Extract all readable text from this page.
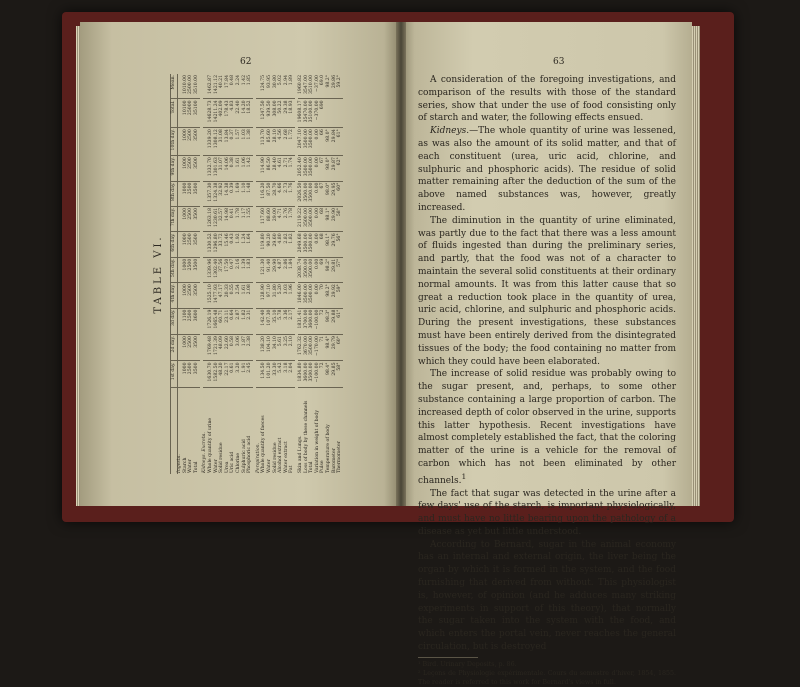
62
TABLE VI.
	1st day.	2d day.	3d day.	4th day.	5th day.	6th day.	7th day.	8th day.	9th day.	10th day.	Total.	Mean.
Ingesta.												
Starch	1000	1000	1100	1000	1000	1000	1000	1000	1000	1000	10100	1010.00
Water	2500	2500	2500	2500	2500	2500	2500	2500	2500	2500	25000	2500.00
Total	3500	3500	3600	3500	3500	3500	3500	3500	3500	3500	35100	3510.00

Kidneys. Excreta.												
Whole quantity of urine	1630.70	1769.48	1726.19	1525.10	1339.96	1330.52	1263.18	1357.30	1332.70	1339.20	14628.73	1462.87
Water	1582.50	1721.39	1665.48	1477.93	1302.40	1296.80	1230.61	1324.38	1301.63	1308.12	14211.24	1421.12
Solid residue	48.20	48.09	60.71	47.17	37.56	33.72	32.57	32.92	31.07	31.08	402.09	40.21
Urea	22.17	22.60	23.11	20.33	17.50	15.46	14.98	14.38	14.06	13.84	178.43	17.84
Uric acid	0.61	0.58	0.64	0.55	0.47	0.43	0.41	0.39	0.38	0.37	4.83	0.48
Chlorine	3.20	3.06	2.87	2.54	2.16	1.92	1.78	1.69	1.61	1.57	22.40	2.24
Sulphuric acid	1.91	1.87	1.82	1.61	1.39	1.24	1.17	1.10	1.06	1.03	14.20	1.42
Phosphoric acid	2.45	2.38	2.31	2.08	1.83	1.64	1.55	1.48	1.42	1.38	18.52	1.85

Perspiration.												
Whole quantity of faeces	134.50	138.20	142.40	128.90	121.30	119.80	117.60	116.20	114.90	113.70	1247.50	124.75
Water	101.20	104.10	107.30	97.10	91.40	90.20	88.60	87.50	86.50	85.60	939.50	93.95
Solid residue	33.30	34.10	35.10	31.80	29.90	29.60	29.00	28.70	28.40	28.10	308.00	30.80
Alcohol extract	5.42	5.61	5.78	5.20	4.87	4.80	4.71	4.66	4.61	4.56	50.22	5.02
Water extract	3.18	3.25	3.36	3.03	2.86	2.82	2.76	2.73	2.71	2.68	29.38	2.94
Fat	2.04	2.10	2.17	1.96	1.84	1.82	1.78	1.76	1.74	1.72	18.93	1.89

Skin and Lungs.	1834.80	1762.32	1831.41	1846.00	2038.74	2049.68	2119.22	2026.50	2052.40	2047.10	19608.17	1960.82
Loss of body by these channels	3600.00	3670.00	3700.00	3500.00	3500.00	3500.00	3500.00	3500.00	3500.00	3500.00	35470.00	3547.00
Total	3500.00	3500.00	3600.00	3500.00	3500.00	3500.00	3500.00	3500.00	3500.00	3500.00	35100.00	3510.00
Variation in weight of body	−100.00	−170.00	−100.00	0.00	0.00	0.00	0.00	0.00	0.00	0.00	−370.00	−37.00
Pulse	72	71	72	70	69	68	68	67	67	66	690	69.0
Temperature of body	98.4°	98.4°	98.3°	98.2°	98.2°	98.1°	98.1°	98.0°	98.0°	98.0°		98.2°
Barometer	29.85	29.79	29.88	29.92	29.81	29.76	29.90	29.95	29.87	29.84		29.86
Thermometer	58°	60°	61°	59°	57°	56°	58°	60°	62°	61°		59.2°

63

A consideration of the foregoing investigations, and comparison of the results with those of the standard series, show that under the use of food consisting only of starch and water, the following effects ensued.

Kidneys.—The whole quantity of urine was lessened, as was also the amount of its solid matter, and that of each constituent (urea, uric acid, chlorine, and sulphuric and phosphoric acids). The residue of solid matter remaining after the deduction of the sum of the above named substances was, however, greatly increased.

The diminution in the quantity of urine eliminated, was partly due to the fact that there was a less amount of fluids ingested than during the preliminary series, and partly, that the food was not of a character to maintain the several solid constituents at their ordinary normal amounts. It was from this latter cause that so great a reduction took place in the quantity of urea, uric acid, chlorine, and sulphuric and phosphoric acids. During the present investigations, these substances must have been entirely derived from the disintegrated tissues of the body; the food containing no matter from which they could have been elaborated.

The increase of solid residue was probably owing to the sugar present, and, perhaps, to some other substance containing a large proportion of carbon. The increased depth of color observed in the urine, supports this latter hypothesis. Recent investigations have almost completely established the fact, that the coloring matter of the urine is a vehicle for the removal of carbon which has not been eliminated by other channels.$^1$

The fact that sugar was detected in the urine after a few days' use of the starch, is important physiologically, and must have no little bearing upon the pathology of a disease as yet but little understood.

According to Bernard, sugar in the animal economy has an internal and external origin, the liver being the organ by which it is formed in the system, and the food furnishing that derived from without. This physiologist is, however, of opinion (and he adduces many striking experiments in support of this theory), that normally the sugar taken into the system with the food, and which enters the portal vein, never reaches the general circulation, but is destroyed

¹ Bird. Urinary Deposits, p. 86.

² Leçons de Physiologie expérimentale. Cours du semestre d'hiver, 1854, 1855. The reader is referred to this work for Bernard's views in full.
